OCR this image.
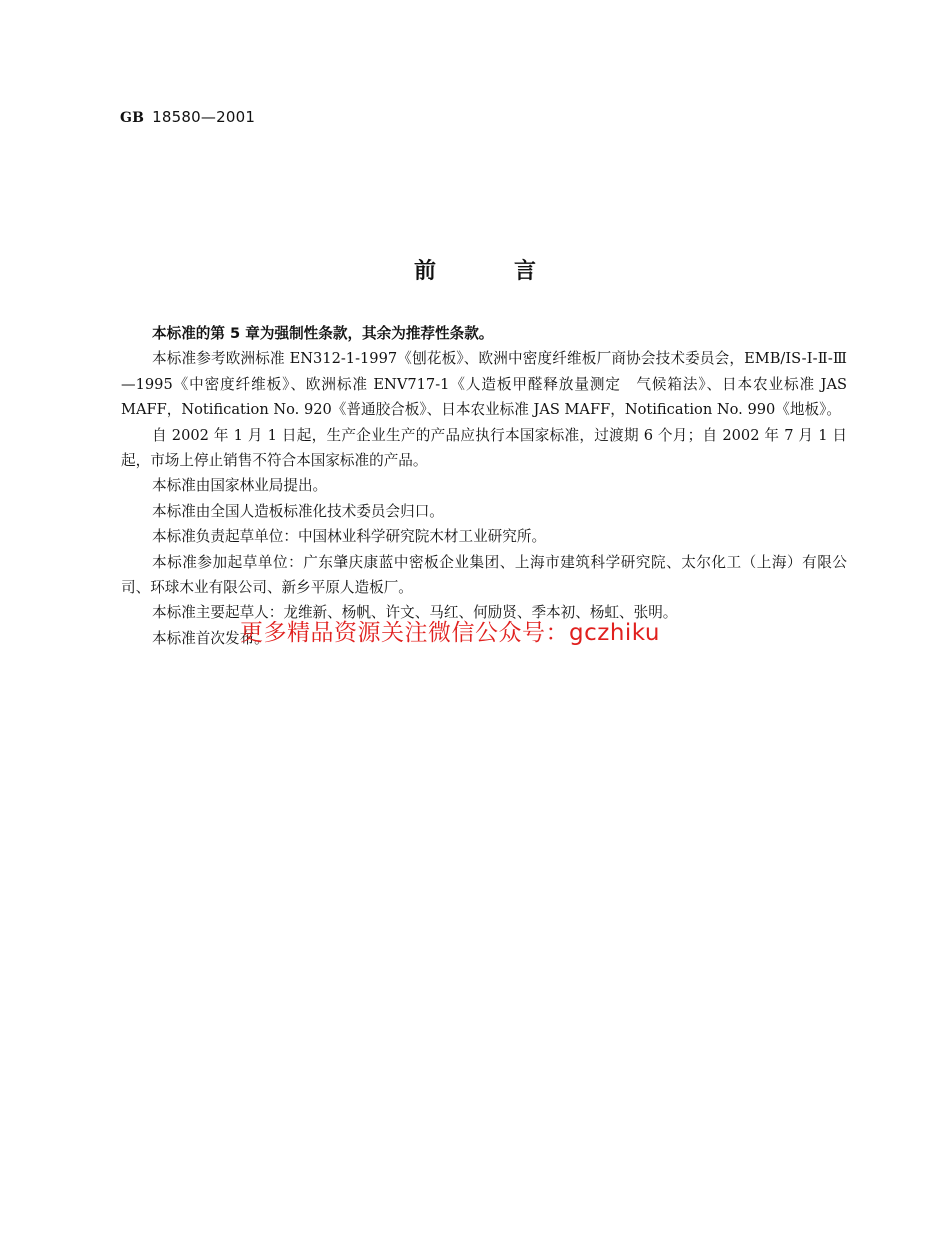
GB 18580—2001
前言

本标准的第 5 章为强制性条款，其余为推荐性条款。

本标准参考欧洲标准 EN312-1-1997《刨花板》、欧洲中密度纤维板厂商协会技术委员会，EMB/IS-Ⅰ-Ⅱ-Ⅲ—1995《中密度纤维板》、欧洲标准 ENV717-1《人造板甲醛释放量测定　气候箱法》、日本农业标准 JAS MAFF，Notification No. 920《普通胶合板》、日本农业标准 JAS MAFF，Notification No. 990《地板》。

自 2002 年 1 月 1 日起，生产企业生产的产品应执行本国家标准，过渡期 6 个月；自 2002 年 7 月 1 日起，市场上停止销售不符合本国家标准的产品。

本标准由国家林业局提出。

本标准由全国人造板标准化技术委员会归口。

本标准负责起草单位：中国林业科学研究院木材工业研究所。

本标准参加起草单位：广东肇庆康蓝中密板企业集团、上海市建筑科学研究院、太尔化工（上海）有限公司、环球木业有限公司、新乡平原人造板厂。

本标准主要起草人：龙维新、杨帆、许文、马红、何励贤、季本初、杨虹、张明。

本标准首次发布。

更多精品资源关注微信公众号：gczhiku
